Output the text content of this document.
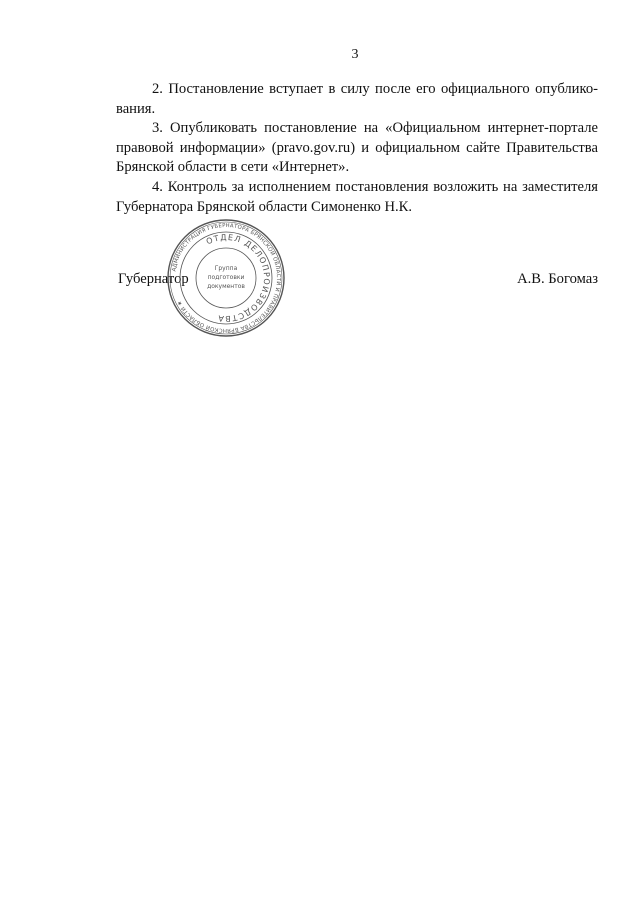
3

2. Постановление вступает в силу после его официального опубликования.

3. Опубликовать постановление на «Официальном интернет-портале правовой информации» (pravo.gov.ru) и официальном сайте Правительства Брянской области в сети «Интернет».

4. Контроль за исполнением постановления возложить на заместителя Губернатора Брянской области Симоненко Н.К.

Губернатор	А.В. Богомаз
АДМИНИСТРАЦИЯ ГУБЕРНАТОРА БРЯНСКОЙ ОБЛАСТИ И ПРАВИТЕЛЬСТВА БРЯНСКОЙ ОБЛАСТИ ★
ОТДЕЛ ДЕЛОПРОИЗВОДСТВА
Группа
подготовки
документов
